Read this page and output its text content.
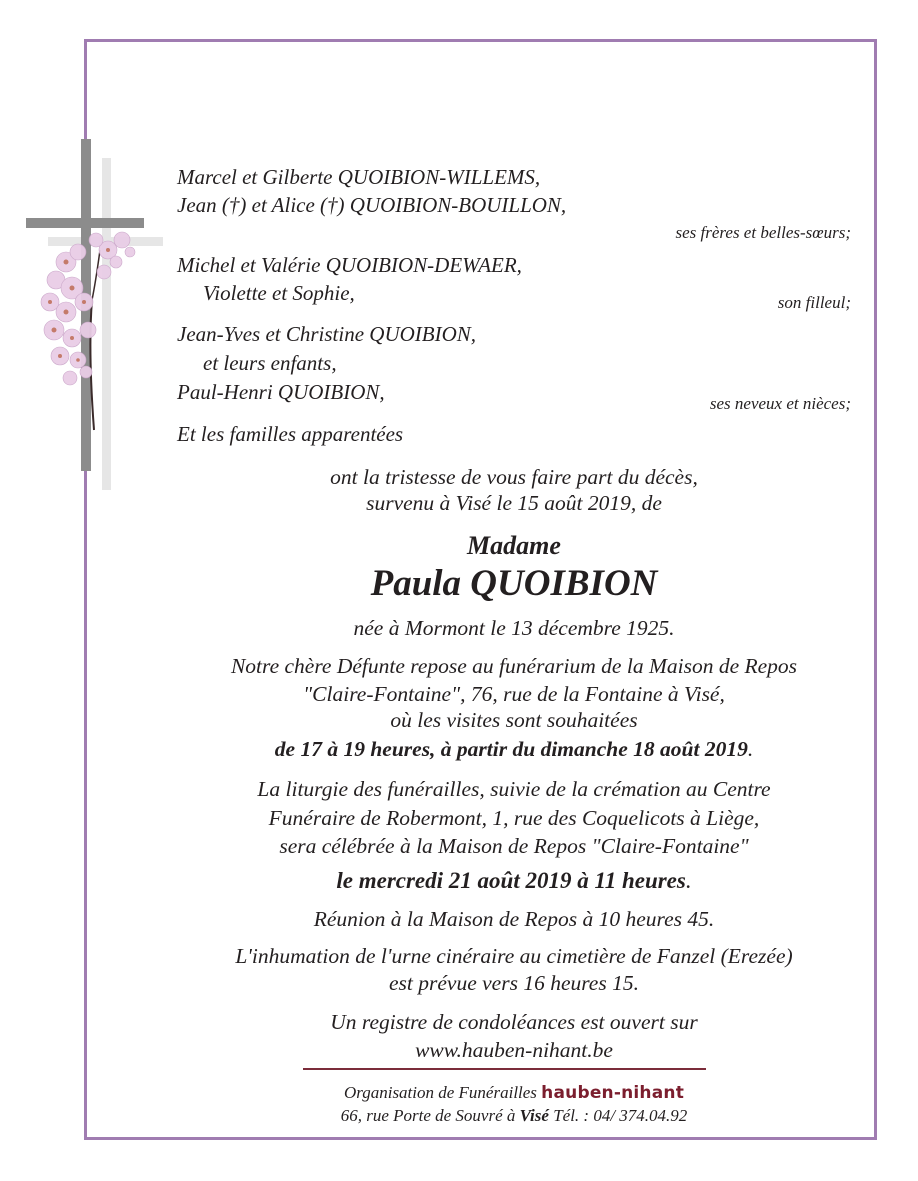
Marcel et Gilberte QUOIBION-WILLEMS,
Jean (†) et Alice (†) QUOIBION-BOUILLON,
ses frères et belles-sœurs;
Michel et Valérie QUOIBION-DEWAER,
Violette et Sophie,	son filleul;
Jean-Yves et Christine QUOIBION,
et leurs enfants,
Paul-Henri QUOIBION,	ses neveux et nièces;
Et les familles apparentées
ont la tristesse de vous faire part du décès,
survenu à Visé le 15 août 2019, de
Madame
Paula QUOIBION
née à Mormont le 13 décembre 1925.
Notre chère Défunte repose au funérarium de la Maison de Repos
"Claire-Fontaine", 76, rue de la Fontaine à Visé,
où les visites sont souhaitées
de 17 à 19 heures, à partir du dimanche 18 août 2019.
La liturgie des funérailles, suivie de la crémation au Centre
Funéraire de Robermont, 1, rue des Coquelicots à Liège,
sera célébrée à la Maison de Repos "Claire-Fontaine"
le mercredi 21 août 2019 à 11 heures.
Réunion à la Maison de Repos à 10 heures 45.
L'inhumation de l'urne cinéraire au cimetière de Fanzel (Erezée)
est prévue vers 16 heures 15.
Un registre de condoléances est ouvert sur
www.hauben-nihant.be
Organisation de Funérailles hauben-nihant
66, rue Porte de Souvré à Visé Tél. : 04/ 374.04.92
